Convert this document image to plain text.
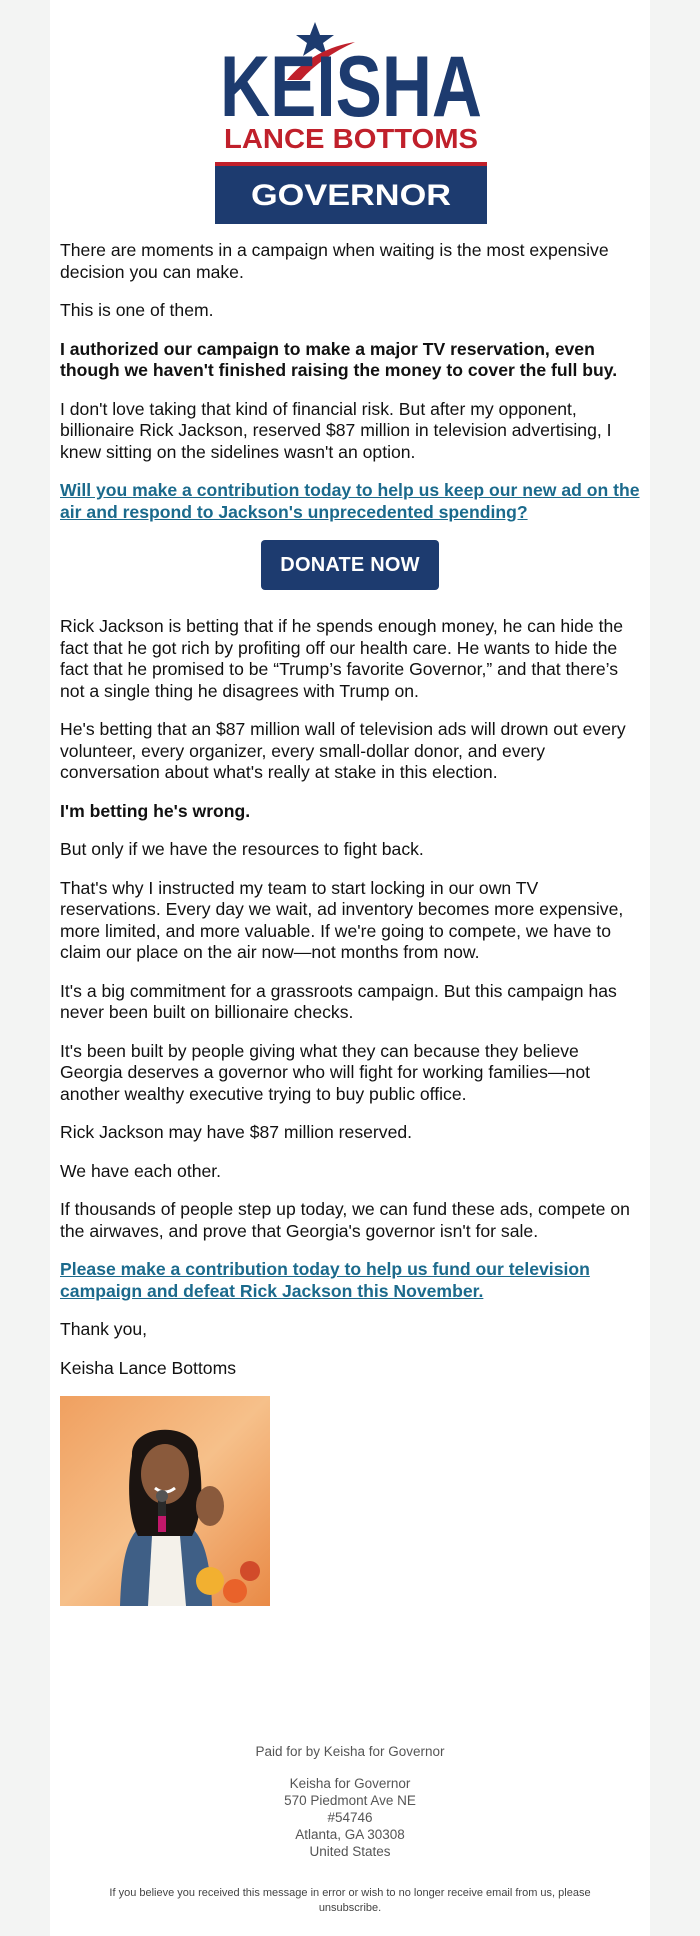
KEISHA
LANCE BOTTOMS
GOVERNOR

There are moments in a campaign when waiting is the most expensive decision you can make.

This is one of them.

I authorized our campaign to make a major TV reservation, even though we haven't finished raising the money to cover the full buy.

I don't love taking that kind of financial risk. But after my opponent, billionaire Rick Jackson, reserved $87 million in television advertising, I knew sitting on the sidelines wasn't an option.

Will you make a contribution today to help us keep our new ad on the air and respond to Jackson's unprecedented spending?

DONATE NOW

Rick Jackson is betting that if he spends enough money, he can hide the fact that he got rich by profiting off our health care. He wants to hide the fact that he promised to be “Trump’s favorite Governor,” and that there’s not a single thing he disagrees with Trump on.

He's betting that an $87 million wall of television ads will drown out every volunteer, every organizer, every small-dollar donor, and every conversation about what's really at stake in this election.

I'm betting he's wrong.

But only if we have the resources to fight back.

That's why I instructed my team to start locking in our own TV reservations. Every day we wait, ad inventory becomes more expensive, more limited, and more valuable. If we're going to compete, we have to claim our place on the air now—not months from now.

It's a big commitment for a grassroots campaign. But this campaign has never been built on billionaire checks.

It's been built by people giving what they can because they believe Georgia deserves a governor who will fight for working families—not another wealthy executive trying to buy public office.

Rick Jackson may have $87 million reserved.

We have each other.

If thousands of people step up today, we can fund these ads, compete on the airwaves, and prove that Georgia's governor isn't for sale.

Please make a contribution today to help us fund our television campaign and defeat Rick Jackson this November.

Thank you,

Keisha Lance Bottoms

Paid for by Keisha for Governor
Keisha for Governor
570 Piedmont Ave NE
#54746
Atlanta, GA 30308
United States
If you believe you received this message in error or wish to no longer receive email from us, please unsubscribe.
